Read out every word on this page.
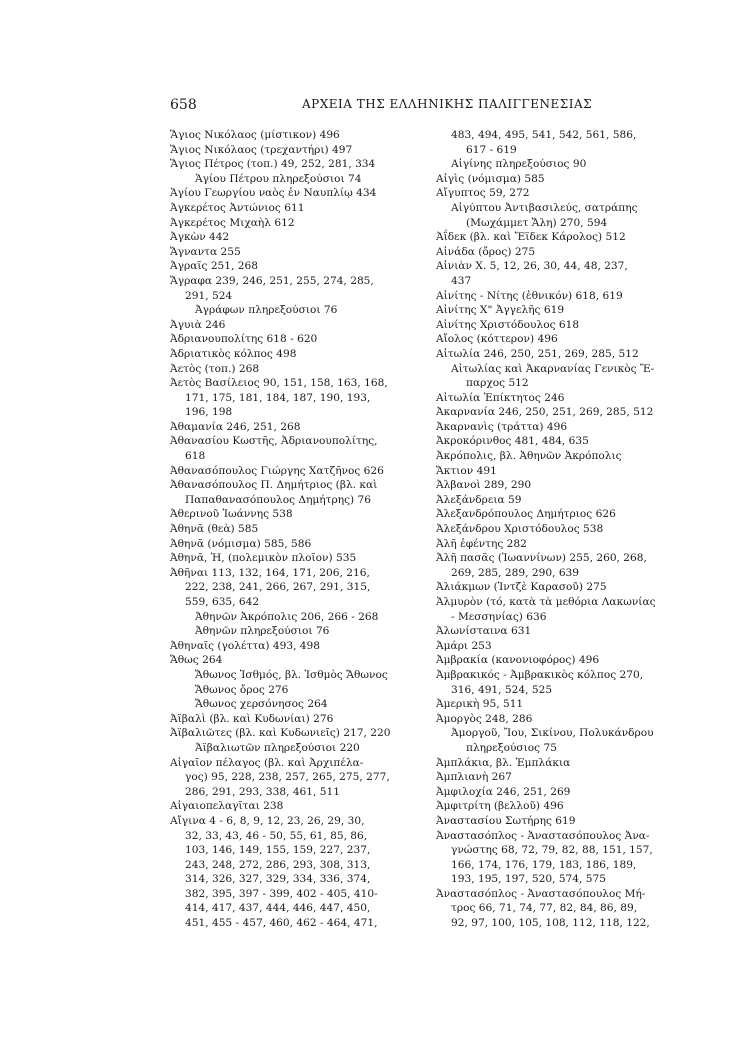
658	ΑΡΧΕΙΑ ΤΗΣ ΕΛΛΗΝΙΚΗΣ ΠΑΛΙΓΓΕΝΕΣΙΑΣ
Ἅγιος Νικόλαος (μίστικον) 496
Ἅγιος Νικόλαος (τρεχαντήρι) 497
Ἅγιος Πέτρος (τοπ.) 49, 252, 281, 334
Ἁγίου Πέτρου πληρεξούσιοι 74
Ἁγίου Γεωργίου ναὸς ἐν Ναυπλίῳ 434
Ἀγκερέτος Ἀντώνιος 611
Ἀγκερέτος Μιχαὴλ 612
Ἀγκὼν 442
Ἄγναντα 255
Ἀγραῖς 251, 268
Ἄγραφα 239, 246, 251, 255, 274, 285,
291, 524
Ἀγράφων πληρεξούσιοι 76
Ἀγυιὰ 246
Ἀδριανουπολίτης 618 - 620
Ἀδριατικὸς κόλπος 498
Ἀετὸς (τοπ.) 268
Ἀετὸς Βασίλειος 90, 151, 158, 163, 168,
171, 175, 181, 184, 187, 190, 193,
196, 198
Ἀθαμανία 246, 251, 268
Ἀθανασίου Κωστῆς, Ἀδριανουπολίτης,
618
Ἀθανασόπουλος Γιώργης Χατζῆνος 626
Ἀθανασόπουλος Π. Δημήτριος (βλ. καὶ
Παπαθανασόπουλος Δημήτρης) 76
Ἀθερινοῦ Ἰωάννης 538
Ἀθηνᾶ (θεὰ) 585
Ἀθηνᾶ (νόμισμα) 585, 586
Ἀθηνᾶ, Ἡ, (πολεμικὸν πλοῖον) 535
Ἀθῆναι 113, 132, 164, 171, 206, 216,
222, 238, 241, 266, 267, 291, 315,
559, 635, 642
Ἀθηνῶν Ἀκρόπολις 206, 266 - 268
Ἀθηνῶν πληρεξούσιοι 76
Ἀθηναῖς (γολέττα) 493, 498
Ἄθως 264
Ἄθωνος Ἰσθμός, βλ. Ἰσθμὸς Ἄθωνος
Ἄθωνος ὄρος 276
Ἄθωνος χερσόνησος 264
Ἀϊβαλὶ (βλ. καὶ Κυδωνίαι) 276
Ἀϊβαλιῶτες (βλ. καὶ Κυδωνιεῖς) 217, 220
Ἀϊβαλιωτῶν πληρεξούσιοι 220
Αἰγαῖον πέλαγος (βλ. καὶ Ἀρχιπέλα-
γος) 95, 228, 238, 257, 265, 275, 277,
286, 291, 293, 338, 461, 511
Αἰγαιοπελαγῖται 238
Αἴγινα 4 - 6, 8, 9, 12, 23, 26, 29, 30,
32, 33, 43, 46 - 50, 55, 61, 85, 86,
103, 146, 149, 155, 159, 227, 237,
243, 248, 272, 286, 293, 308, 313,
314, 326, 327, 329, 334, 336, 374,
382, 395, 397 - 399, 402 - 405, 410-
414, 417, 437, 444, 446, 447, 450,
451, 455 - 457, 460, 462 - 464, 471,
483, 494, 495, 541, 542, 561, 586,
617 - 619
Αἰγίνης πληρεξούσιος 90
Αἰγὶς (νόμισμα) 585
Αἴγυπτος 59, 272
Αἰγύπτου Ἀντιβασιλεύς, σατράπης
(Μωχάμμετ Ἄλη) 270, 594
Ἀΐδεκ (βλ. καὶ Ἔϊδεκ Κάρολος) 512
Αἰνάδα (ὄρος) 275
Αἰνιὰν Χ. 5, 12, 26, 30, 44, 48, 237,
437
Αἰνίτης - Νίτης (ἐθνικόν) 618, 619
Αἰνίτης Χ" Ἀγγελῆς 619
Αἰνίτης Χριστόδουλος 618
Αἴολος (κόττερον) 496
Αἰτωλία 246, 250, 251, 269, 285, 512
Αἰτωλίας καὶ Ἀκαρνανίας Γενικὸς Ἔ-
παρχος 512
Αἰτωλία Ἐπίκτητος 246
Ἀκαρνανία 246, 250, 251, 269, 285, 512
Ἀκαρνανὶς (τράττα) 496
Ἀκροκόρινθος 481, 484, 635
Ἀκρόπολις, βλ. Ἀθηνῶν Ἀκρόπολις
Ἄκτιον 491
Ἀλβανοὶ 289, 290
Ἀλεξάνδρεια 59
Ἀλεξανδρόπουλος Δημήτριος 626
Ἀλεξάνδρου Χριστόδουλος 538
Ἀλῆ ἐφέντης 282
Ἀλῆ πασᾶς (Ἰωαννίνων) 255, 260, 268,
269, 285, 289, 290, 639
Ἀλιάκμων (Ἰντζὲ Καρασοῦ) 275
Ἁλμυρὸν (τό, κατὰ τὰ μεθόρια Λακωνίας
- Μεσσηνίας) 636
Ἀλωνίσταινα 631
Ἀμάρι 253
Ἀμβρακία (κανονιοφόρος) 496
Ἀμβρακικός - Ἀμβρακικὸς κόλπος 270,
316, 491, 524, 525
Ἀμερικὴ 95, 511
Ἀμοργὸς 248, 286
Ἀμοργοῦ, Ἴου, Σικίνου, Πολυκάνδρου
πληρεξούσιος 75
Ἀμπλάκια, βλ. Ἐμπλάκια
Ἀμπλιανὴ 267
Ἀμφιλοχία 246, 251, 269
Ἀμφιτρίτη (βελλοῦ) 496
Ἀναστασίου Σωτήρης 619
Ἀναστασόπλος - Ἀναστασόπουλος Ἀνα-
γνώστης 68, 72, 79, 82, 88, 151, 157,
166, 174, 176, 179, 183, 186, 189,
193, 195, 197, 520, 574, 575
Ἀναστασόπλος - Ἀναστασόπουλος Μή-
τρος 66, 71, 74, 77, 82, 84, 86, 89,
92, 97, 100, 105, 108, 112, 118, 122,
